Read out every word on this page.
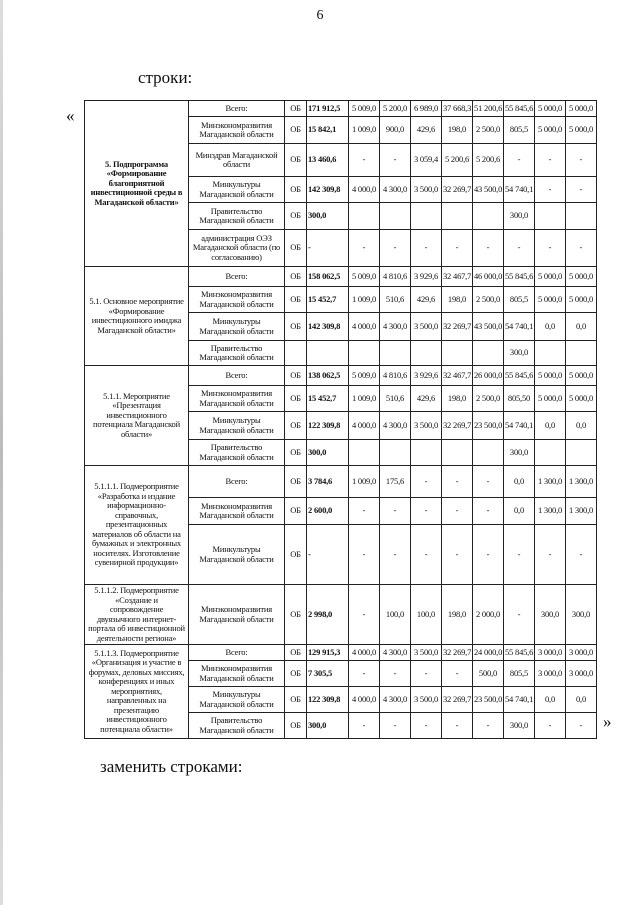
6
строки:
«
5. Подпрограмма «Формирование благоприятной инвестиционной среды в Магаданской области»	Всего:	ОБ	171 912,5	5 009,0	5 200,0	6 989,0	37 668,3	51 200,6	55 845,6	5 000,0	5 000,0
	Минэкономразвития Магаданской области	ОБ	15 842,1	1 009,0	900,0	429,6	198,0	2 500,0	805,5	5 000,0	5 000,0
	Минздрав Магаданской области	ОБ	13 460,6	-	-	3 059,4	5 200,6	5 200,6	-	-	-
	Минкультуры Магаданской области	ОБ	142 309,8	4 000,0	4 300,0	3 500,0	32 269,7	43 500,0	54 740,1	-	-
	Правительство Магаданской области	ОБ	300,0						300,0		
	администрация ОЭЗ Магаданской области (по согласованию)	ОБ	-	-	-	-	-	-	-	-	-
5.1. Основное мероприятие «Формирование инвестиционного имиджа Магаданской области»	Всего:	ОБ	158 062,5	5 009,0	4 810,6	3 929,6	32 467,7	46 000,0	55 845,6	5 000,0	5 000,0
	Минэкономразвития Магаданской области	ОБ	15 452,7	1 009,0	510,6	429,6	198,0	2 500,0	805,5	5 000,0	5 000,0
	Минкультуры Магаданской области	ОБ	142 309,8	4 000,0	4 300,0	3 500,0	32 269,7	43 500,0	54 740,1	0,0	0,0
	Правительство Магаданской области								300,0		
5.1.1. Мероприятие «Презентация инвестиционного потенциала Магаданской области»	Всего:	ОБ	138 062,5	5 009,0	4 810,6	3 929,6	32 467,7	26 000,0	55 845,6	5 000,0	5 000,0
	Минэкономразвития Магаданской области	ОБ	15 452,7	1 009,0	510,6	429,6	198,0	2 500,0	805,50	5 000,0	5 000,0
	Минкультуры Магаданской области	ОБ	122 309,8	4 000,0	4 300,0	3 500,0	32 269,7	23 500,0	54 740,1	0,0	0,0
	Правительство Магаданской области	ОБ	300,0						300,0		
5.1.1.1. Подмероприятие «Разработка и издание информационно-справочных, презентационных материалов об области на бумажных и электронных носителях. Изготовление сувенирной продукции»	Всего:	ОБ	3 784,6	1 009,0	175,6	-	-	-	0,0	1 300,0	1 300,0
	Минэкономразвития Магаданской области	ОБ	2 600,0	-	-	-	-	-	0,0	1 300,0	1 300,0
	Минкультуры Магаданской области	ОБ	-	-	-	-	-	-	-	-	-
5.1.1.2. Подмероприятие «Создание и сопровождение двуязычного интернет-портала об инвестиционной деятельности региона»	Минэкономразвития Магаданской области	ОБ	2 998,0	-	100,0	100,0	198,0	2 000,0	-	300,0	300,0
5.1.1.3. Подмероприятие «Организация и участие в форумах, деловых миссиях, конференциях и иных мероприятиях, направленных на презентацию инвестиционного потенциала области»	Всего:	ОБ	129 915,3	4 000,0	4 300,0	3 500,0	32 269,7	24 000,0	55 845,6	3 000,0	3 000,0
	Минэкономразвития Магаданской области	ОБ	7 305,5	-	-	-	-	500,0	805,5	3 000,0	3 000,0
	Минкультуры Магаданской области	ОБ	122 309,8	4 000,0	4 300,0	3 500,0	32 269,7	23 500,0	54 740,1	0,0	0,0
	Правительство Магаданской области	ОБ	300,0	-	-	-	-	-	300,0	-	- »
заменить строками:
